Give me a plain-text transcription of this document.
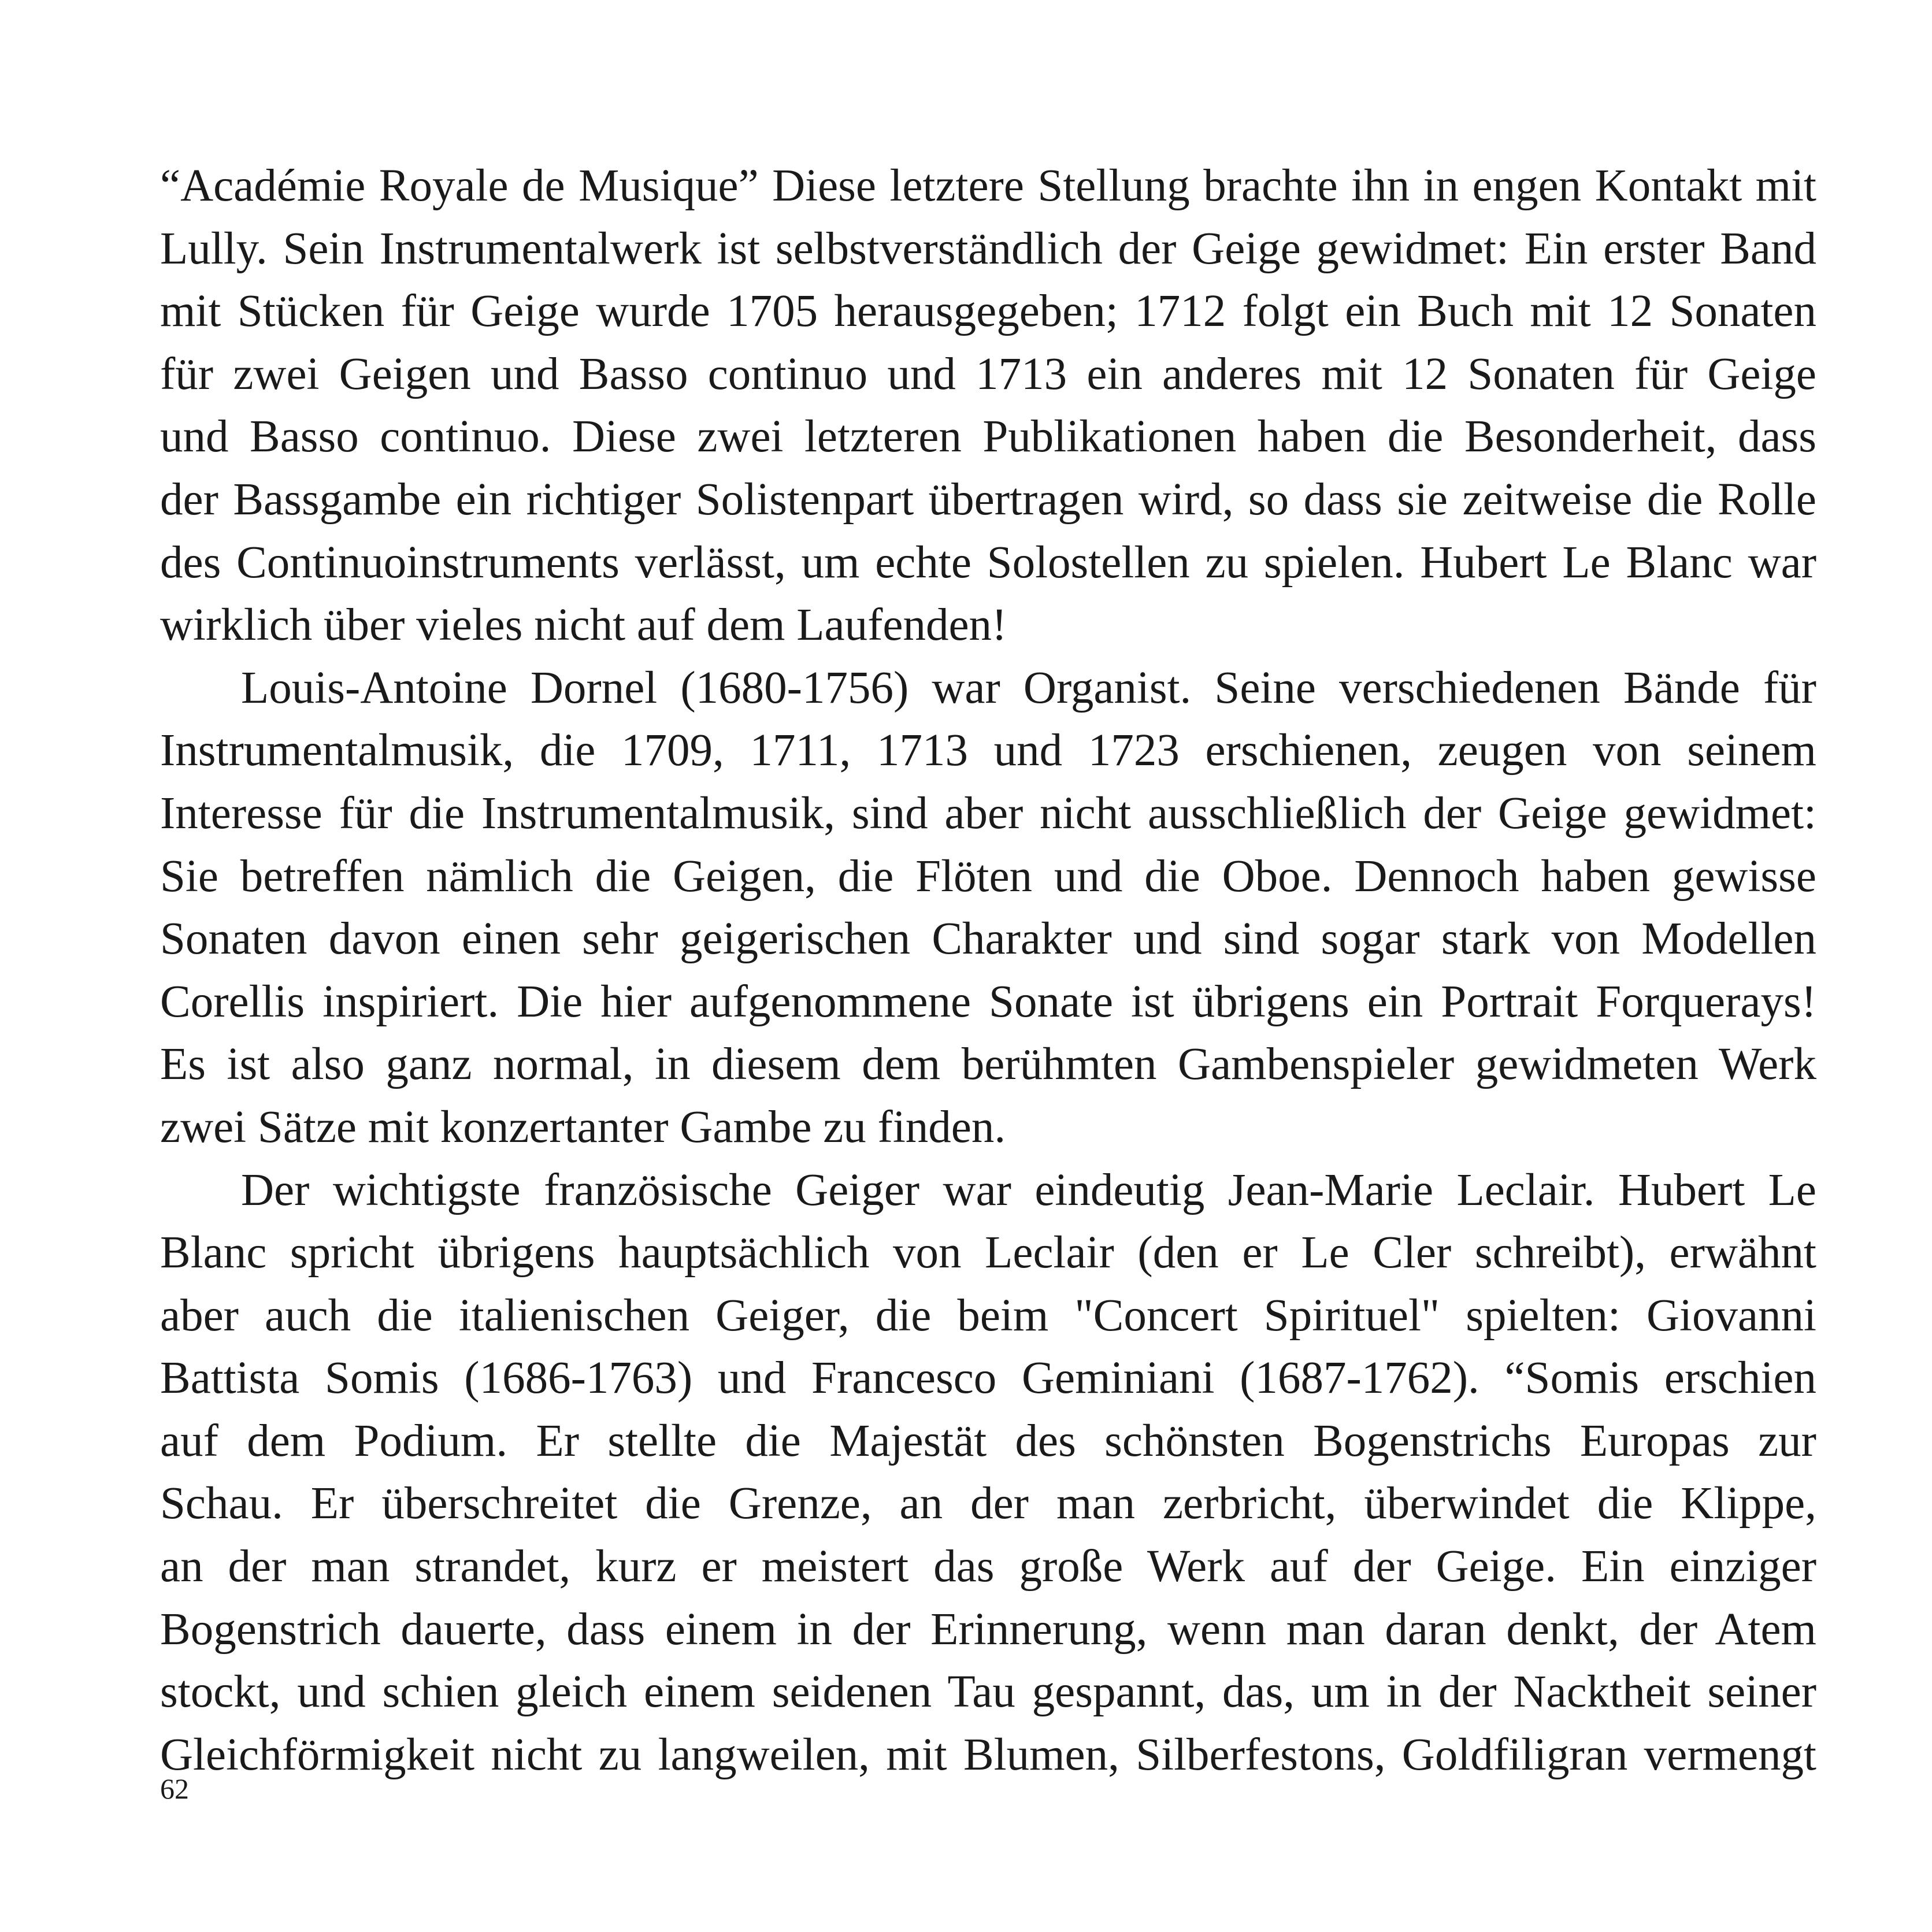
“Académie Royale de Musique” Diese letztere Stellung brachte ihn in engen Kontakt mit
Lully. Sein Instrumentalwerk ist selbstverständlich der Geige gewidmet: Ein erster Band
mit Stücken für Geige wurde 1705 herausgegeben; 1712 folgt ein Buch mit 12 Sonaten
für zwei Geigen und Basso continuo und 1713 ein anderes mit 12 Sonaten für Geige
und Basso continuo. Diese zwei letzteren Publikationen haben die Besonderheit, dass
der Bassgambe ein richtiger Solistenpart übertragen wird, so dass sie zeitweise die Rolle
des Continuoinstruments verlässt, um echte Solostellen zu spielen. Hubert Le Blanc war
wirklich über vieles nicht auf dem Laufenden!
Louis-Antoine Dornel (1680-1756) war Organist. Seine verschiedenen Bände für
Instrumentalmusik, die 1709, 1711, 1713 und 1723 erschienen, zeugen von seinem
Interesse für die Instrumentalmusik, sind aber nicht ausschließlich der Geige gewidmet:
Sie betreffen nämlich die Geigen, die Flöten und die Oboe. Dennoch haben gewisse
Sonaten davon einen sehr geigerischen Charakter und sind sogar stark von Modellen
Corellis inspiriert. Die hier aufgenommene Sonate ist übrigens ein Portrait Forquerays!
Es ist also ganz normal, in diesem dem berühmten Gambenspieler gewidmeten Werk
zwei Sätze mit konzertanter Gambe zu finden.
Der wichtigste französische Geiger war eindeutig Jean-Marie Leclair. Hubert Le
Blanc spricht übrigens hauptsächlich von Leclair (den er Le Cler schreibt), erwähnt
aber auch die italienischen Geiger, die beim "Concert Spirituel" spielten: Giovanni
Battista Somis (1686-1763) und Francesco Geminiani (1687-1762). “Somis erschien
auf dem Podium. Er stellte die Majestät des schönsten Bogenstrichs Europas zur
Schau. Er überschreitet die Grenze, an der man zerbricht, überwindet die Klippe,
an der man strandet, kurz er meistert das große Werk auf der Geige. Ein einziger
Bogenstrich dauerte, dass einem in der Erinnerung, wenn man daran denkt, der Atem
stockt, und schien gleich einem seidenen Tau gespannt, das, um in der Nacktheit seiner
Gleichförmigkeit nicht zu langweilen, mit Blumen, Silberfestons, Goldfiligran vermengt
62
